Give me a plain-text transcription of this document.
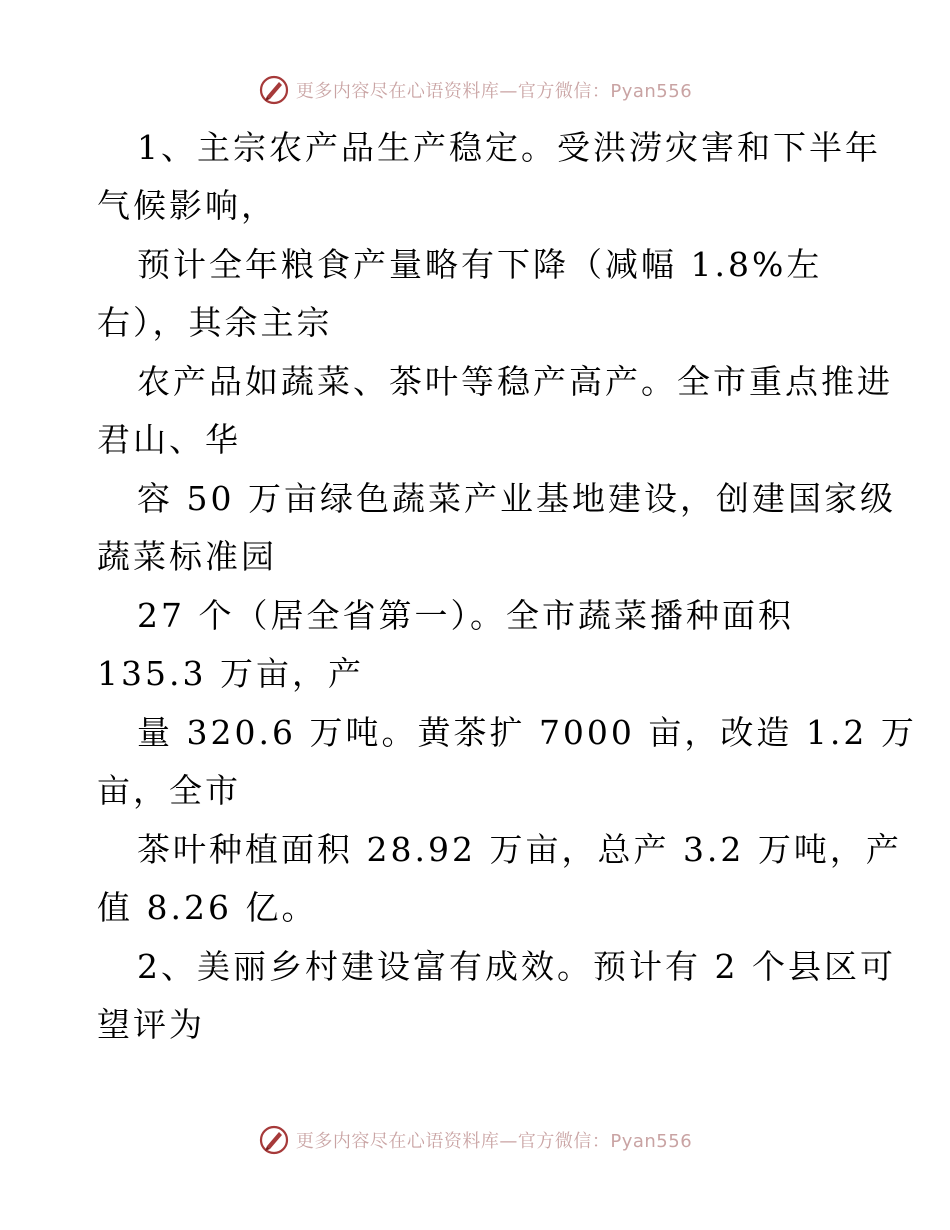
更多内容尽在心语资料库—官方微信：Pyan556
1、主宗农产品生产稳定。受洪涝灾害和下半年
气候影响，
预计全年粮食产量略有下降（减幅 1.8%左
右），其余主宗
农产品如蔬菜、茶叶等稳产高产。全市重点推进
君山、华
容 50 万亩绿色蔬菜产业基地建设，创建国家级
蔬菜标准园
27 个（居全省第一）。全市蔬菜播种面积
135.3 万亩，产
量 320.6 万吨。黄茶扩 7000 亩，改造 1.2 万
亩，全市
茶叶种植面积 28.92 万亩，总产 3.2 万吨，产
值 8.26 亿。
2、美丽乡村建设富有成效。预计有 2 个县区可
望评为
更多内容尽在心语资料库—官方微信：Pyan556
